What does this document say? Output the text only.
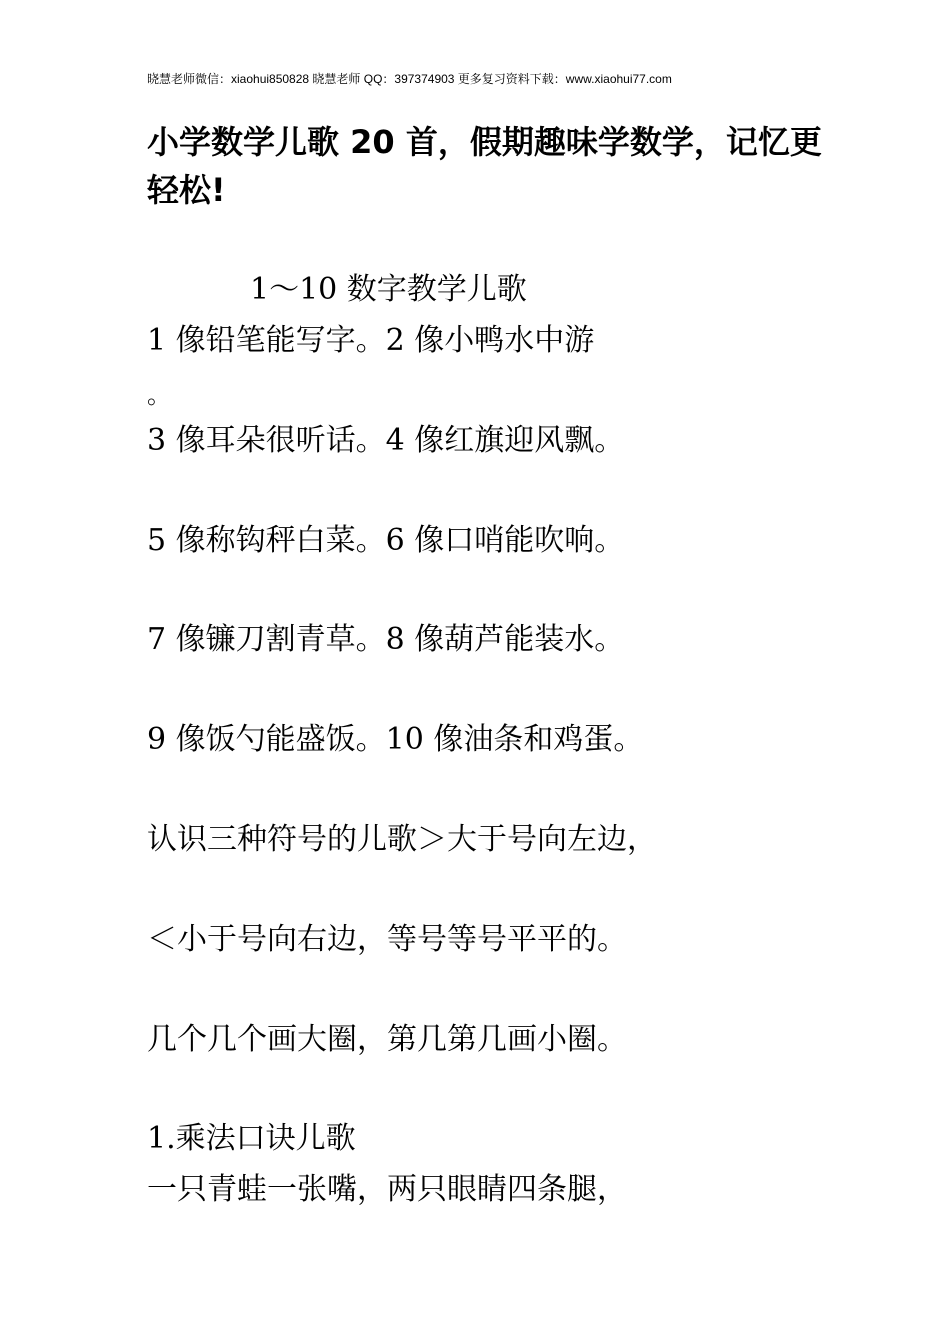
晓慧老师微信：xiaohui850828 晓慧老师 QQ：397374903 更多复习资料下载：www.xiaohui77.com
小学数学儿歌 20 首，假期趣味学数学，记忆更轻松!
1～10 数字教学儿歌
1 像铅笔能写字。2 像小鸭水中游
。
3 像耳朵很听话。4 像红旗迎风飘。
5 像称钩秤白菜。6 像口哨能吹响。
7 像镰刀割青草。8 像葫芦能装水。
9 像饭勺能盛饭。10 像油条和鸡蛋。
认识三种符号的儿歌＞大于号向左边，
＜小于号向右边，等号等号平平的。
几个几个画大圈，第几第几画小圈。
1.乘法口诀儿歌
一只青蛙一张嘴，两只眼睛四条腿，
